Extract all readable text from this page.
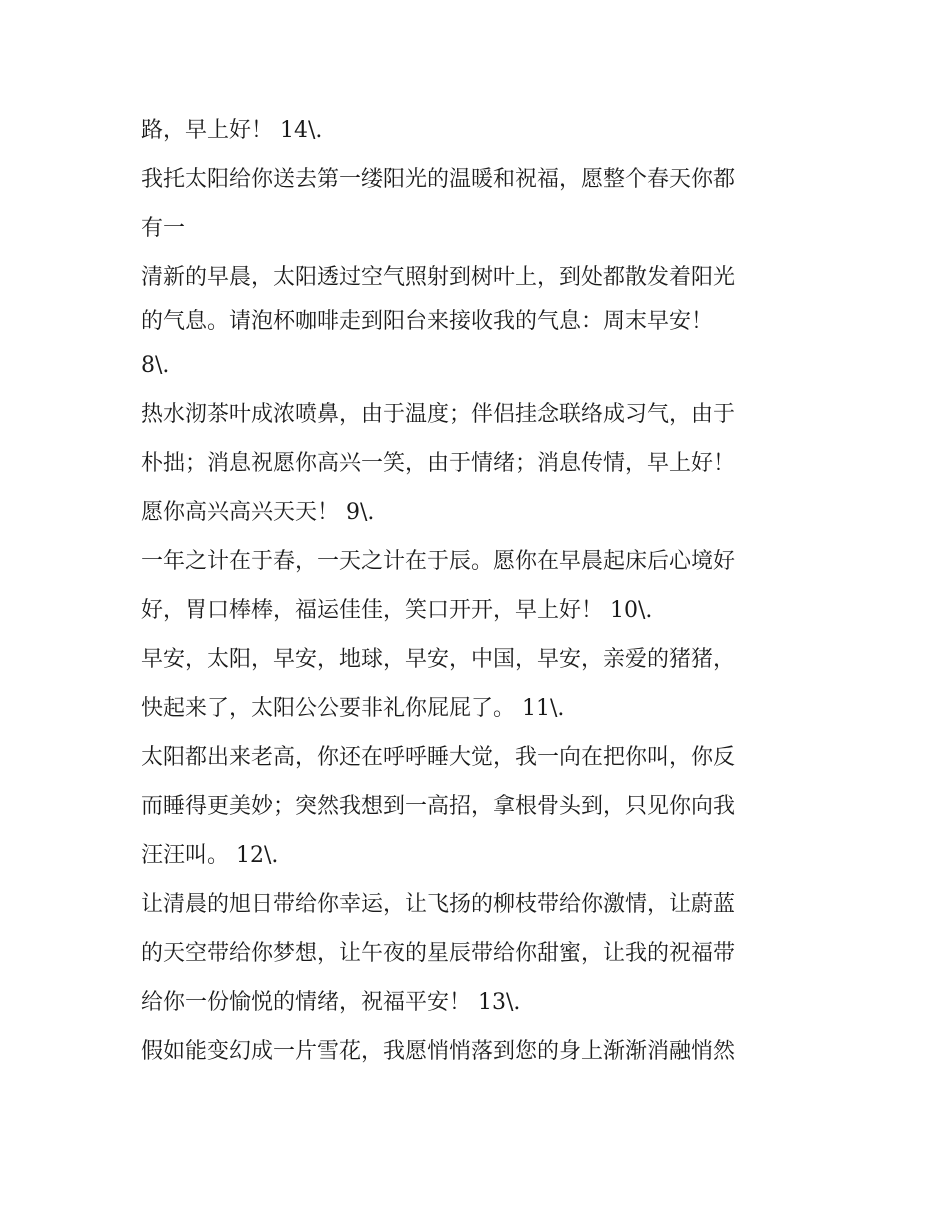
路，早上好！ 14\.
我托太阳给你送去第一缕阳光的温暖和祝福，愿整个春天你都
有一
清新的早晨，太阳透过空气照射到树叶上，到处都散发着阳光
的气息。请泡杯咖啡走到阳台来接收我的气息：周末早安！
8\.
热水沏茶叶成浓喷鼻，由于温度；伴侣挂念联络成习气，由于
朴拙；消息祝愿你高兴一笑，由于情绪；消息传情，早上好！
愿你高兴高兴天天！ 9\.
一年之计在于春，一天之计在于辰。愿你在早晨起床后心境好
好，胃口棒棒，福运佳佳，笑口开开，早上好！ 10\.
早安，太阳，早安，地球，早安，中国，早安，亲爱的猪猪，
快起来了，太阳公公要非礼你屁屁了。 11\.
太阳都出来老高，你还在呼呼睡大觉，我一向在把你叫，你反
而睡得更美妙；突然我想到一高招，拿根骨头到，只见你向我
汪汪叫。 12\.
让清晨的旭日带给你幸运，让飞扬的柳枝带给你激情，让蔚蓝
的天空带给你梦想，让午夜的星辰带给你甜蜜，让我的祝福带
给你一份愉悦的情绪，祝福平安！ 13\.
假如能变幻成一片雪花，我愿悄悄落到您的身上渐渐消融悄然
